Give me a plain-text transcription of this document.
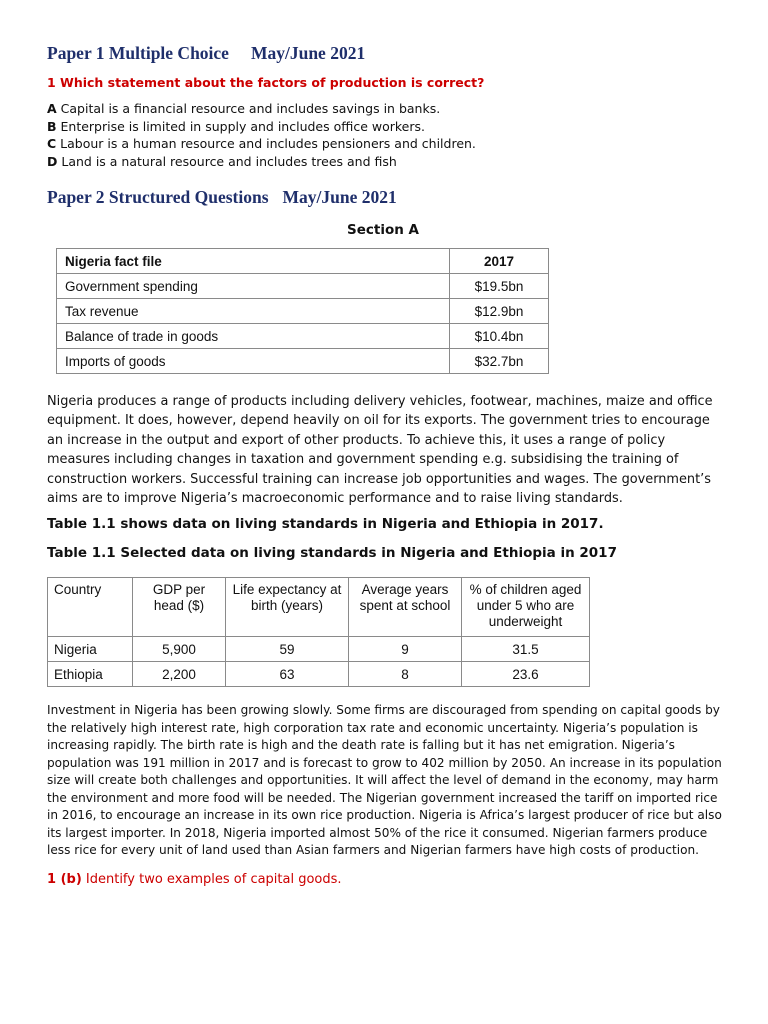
Paper 1 Multiple Choice May/June 2021
1 Which statement about the factors of production is correct?
A Capital is a financial resource and includes savings in banks.
B Enterprise is limited in supply and includes office workers.
C Labour is a human resource and includes pensioners and children.
D Land is a natural resource and includes trees and fish
Paper 2 Structured Questions May/June 2021
Section A
Nigeria fact file	2017
Government spending	$19.5bn
Tax revenue	$12.9bn
Balance of trade in goods	$10.4bn
Imports of goods	$32.7bn
Nigeria produces a range of products including delivery vehicles, footwear, machines, maize and office equipment. It does, however, depend heavily on oil for its exports. The government tries to encourage an increase in the output and export of other products. To achieve this, it uses a range of policy measures including changes in taxation and government spending e.g. subsidising the training of construction workers. Successful training can increase job opportunities and wages. The government’s aims are to improve Nigeria’s macroeconomic performance and to raise living standards.
Table 1.1 shows data on living standards in Nigeria and Ethiopia in 2017.
Table 1.1 Selected data on living standards in Nigeria and Ethiopia in 2017
Country	GDP per head ($)	Life expectancy at birth (years)	Average years spent at school	% of children aged under 5 who are underweight
Nigeria	5,900	59	9	31.5
Ethiopia	2,200	63	8	23.6
Investment in Nigeria has been growing slowly. Some firms are discouraged from spending on capital goods by the relatively high interest rate, high corporation tax rate and economic uncertainty. Nigeria’s population is increasing rapidly. The birth rate is high and the death rate is falling but it has net emigration. Nigeria’s population was 191 million in 2017 and is forecast to grow to 402 million by 2050. An increase in its population size will create both challenges and opportunities. It will affect the level of demand in the economy, may harm the environment and more food will be needed. The Nigerian government increased the tariff on imported rice in 2016, to encourage an increase in its own rice production. Nigeria is Africa’s largest producer of rice but also its largest importer. In 2018, Nigeria imported almost 50% of the rice it consumed. Nigerian farmers produce less rice for every unit of land used than Asian farmers and Nigerian farmers have high costs of production.
1 (b) Identify two examples of capital goods.
